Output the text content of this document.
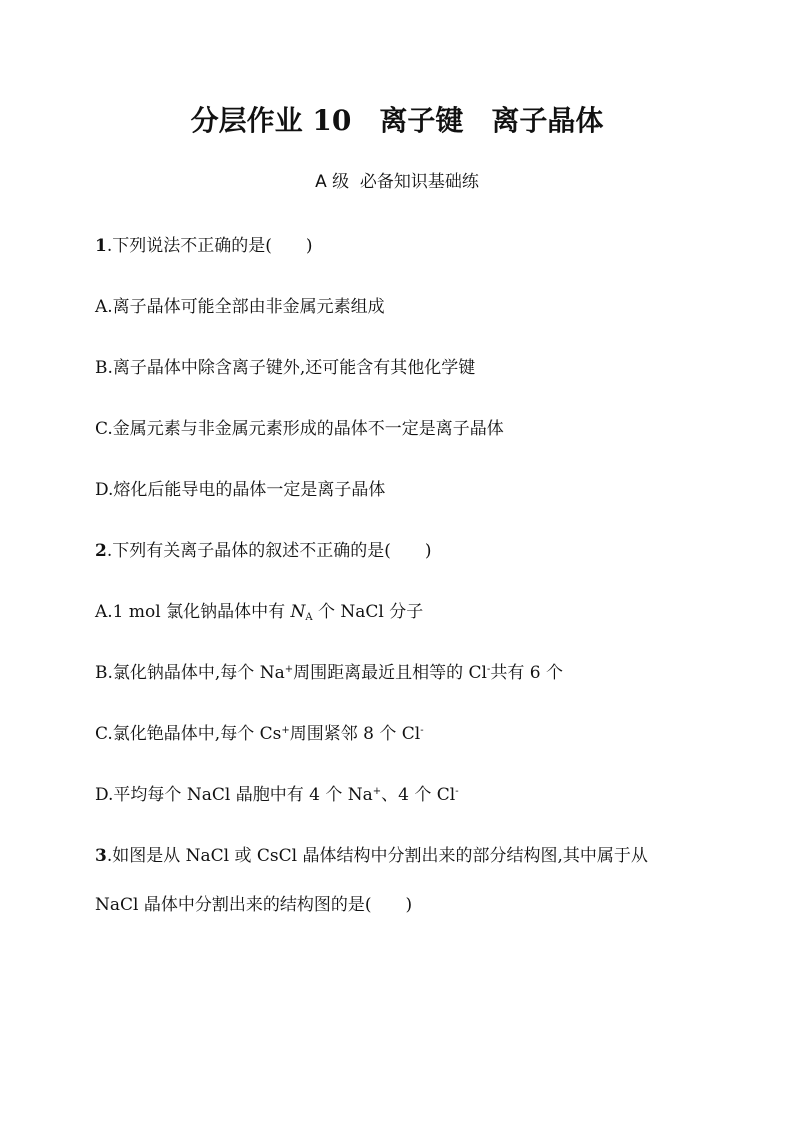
分层作业 10　离子键　离子晶体
A 级  必备知识基础练
1.下列说法不正确的是(　　)
A.离子晶体可能全部由非金属元素组成
B.离子晶体中除含离子键外,还可能含有其他化学键
C.金属元素与非金属元素形成的晶体不一定是离子晶体
D.熔化后能导电的晶体一定是离子晶体
2.下列有关离子晶体的叙述不正确的是(　　)
A.1 mol 氯化钠晶体中有 $N_A$ 个 NaCl 分子
B.氯化钠晶体中,每个 Na+周围距离最近且相等的 Cl-共有 6 个
C.氯化铯晶体中,每个 Cs+周围紧邻 8 个 Cl-
D.平均每个 NaCl 晶胞中有 4 个 Na+、4 个 Cl-
3.如图是从 NaCl 或 CsCl 晶体结构中分割出来的部分结构图,其中属于从
NaCl 晶体中分割出来的结构图的是(　　)
